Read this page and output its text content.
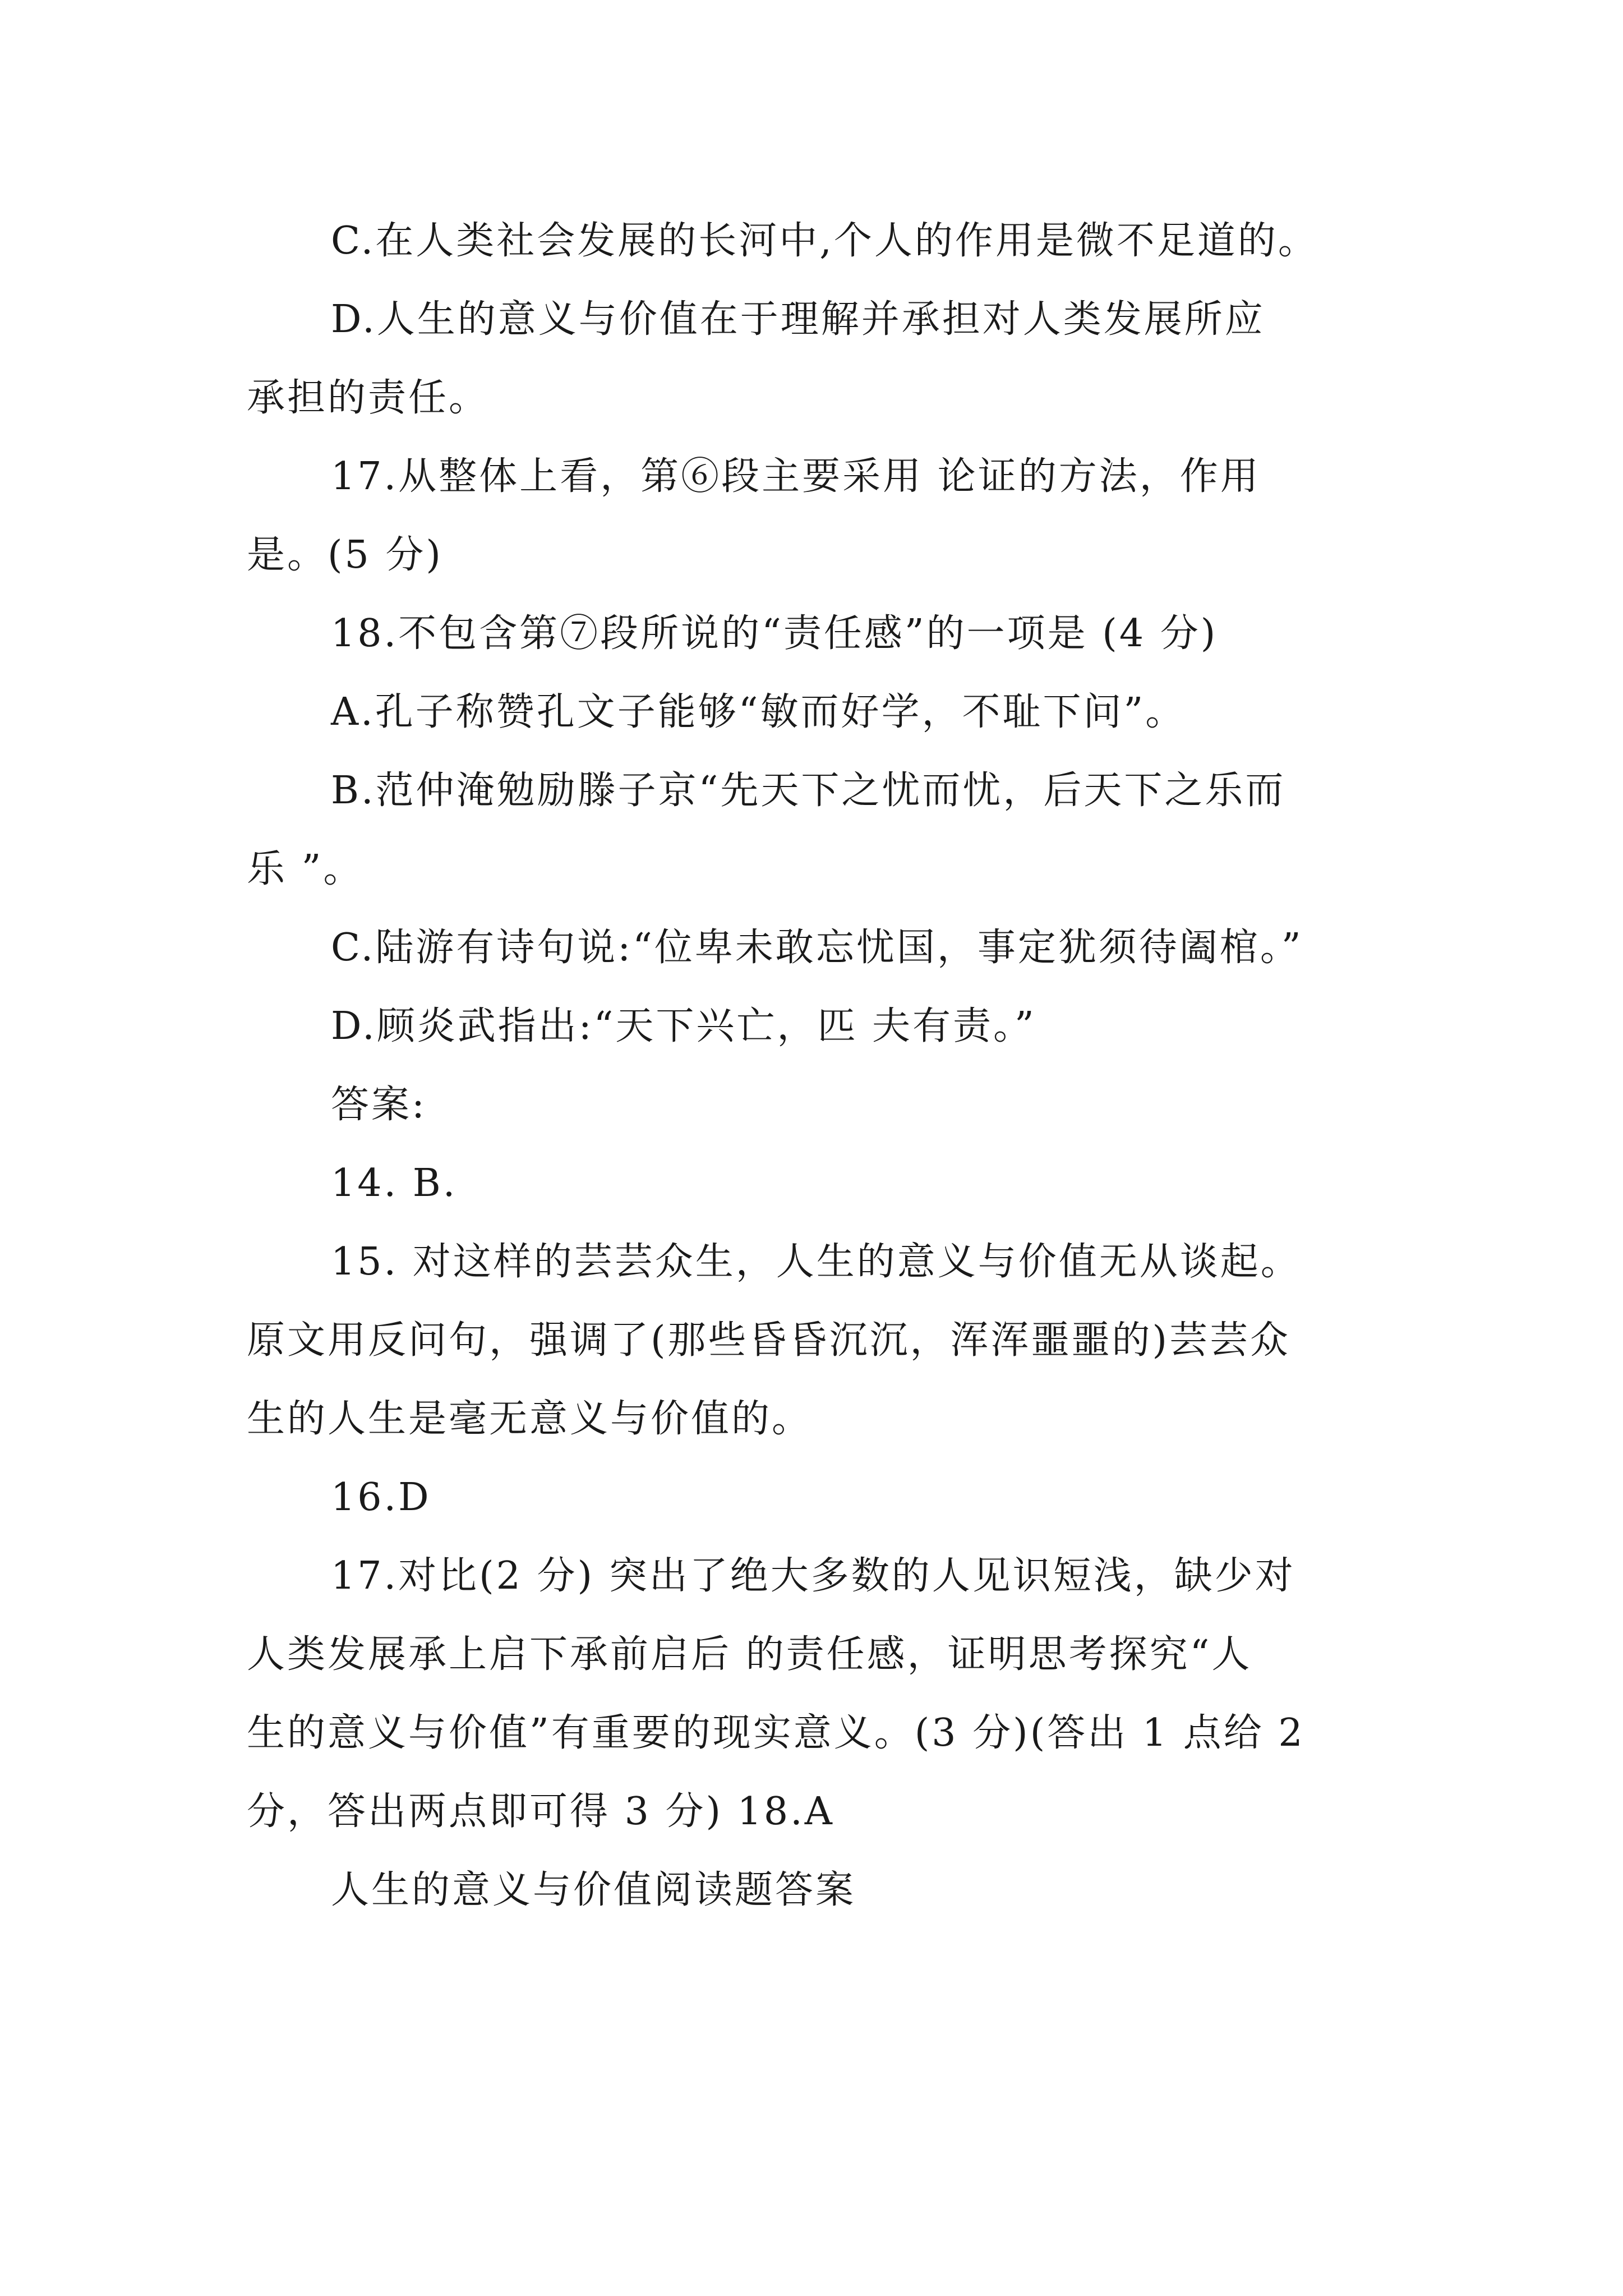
C.在人类社会发展的长河中,个人的作用是微不足道的。
D.人生的意义与价值在于理解并承担对人类发展所应
承担的责任。
17.从整体上看，第⑥段主要采用 论证的方法，作用
是。(5 分)
18.不包含第⑦段所说的“责任感”的一项是 (4 分)
A.孔子称赞孔文子能够“敏而好学，不耻下问”。
B.范仲淹勉励滕子京“先天下之忧而忧，后天下之乐而
乐 ”。
C.陆游有诗句说:“位卑未敢忘忧国，事定犹须待阖棺。”
D.顾炎武指出:“天下兴亡，匹 夫有责。”
答案:
14. B.
15. 对这样的芸芸众生，人生的意义与价值无从谈起。
原文用反问句，强调了(那些昏昏沉沉，浑浑噩噩的)芸芸众
生的人生是毫无意义与价值的。
16.D
17.对比(2 分) 突出了绝大多数的人见识短浅，缺少对
人类发展承上启下承前启后 的责任感，证明思考探究“人
生的意义与价值”有重要的现实意义。(3 分)(答出 1 点给 2
分，答出两点即可得 3 分) 18.A
人生的意义与价值阅读题答案
